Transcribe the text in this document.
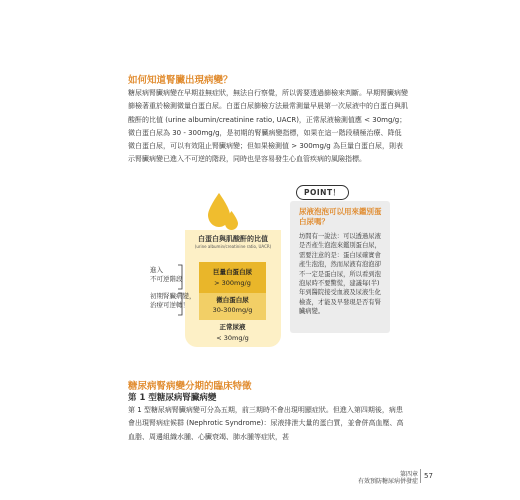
如何知道腎臟出現病變？

糖尿病腎臟病變在早期並無症狀，無法自行察覺，所以需要透過篩檢來判斷。早期腎臟病變篩檢著重於檢測微量白蛋白尿。白蛋白尿篩檢方法最常測量早晨第一次尿液中的白蛋白與肌酸酐的比值 (urine albumin/creatinine ratio, UACR)，正常尿液檢測值應 < 30mg/g；微白蛋白尿為 30 - 300mg/g，是初期的腎臟病變指標，如果在這一階段積極治療、降低微白蛋白尿，可以有效阻止腎臟病變；但如果檢測值 > 300mg/g 為巨量白蛋白尿，則表示腎臟病變已進入不可逆的階段，同時也是容易發生心血管疾病的風險指標。

白蛋白與肌酸酐的比值

(urine albumin/creatinine ratio, UACR)

巨量白蛋白尿
> 300mg/g
微白蛋白尿
30-300mg/g
正常尿液
< 30mg/g

進入
不可逆階段

初期腎臟病變，
治療可逆轉！

POINT！

尿液泡泡可以用來鑑別蛋白尿嗎？

坊間有一說法：可以透過尿液是否產生泡泡來鑑別蛋白尿，需要注意的是：蛋白尿確實會產生泡泡，然而尿液有泡泡卻不一定是蛋白尿，所以看到泡泡尿時不要驚慌，建議每(半)年到醫院接受血液及尿液生化檢查，才能及早發現是否有腎臟病變。

糖尿病腎病變分期的臨床特徵
第 1 型糖尿病腎臟病變

第 1 型糖尿病腎臟病變可分為五期，前三期時不會出現明顯症狀。但進入第四期後，病患會出現腎病症候群 (Nephrotic Syndrome)：尿液排泄大量的蛋白質，並會併高血壓、高血脂、周邊組織水腫、心臟衰竭、肺水腫等症狀，甚

第四章

有效預防糖尿病併發症

57
